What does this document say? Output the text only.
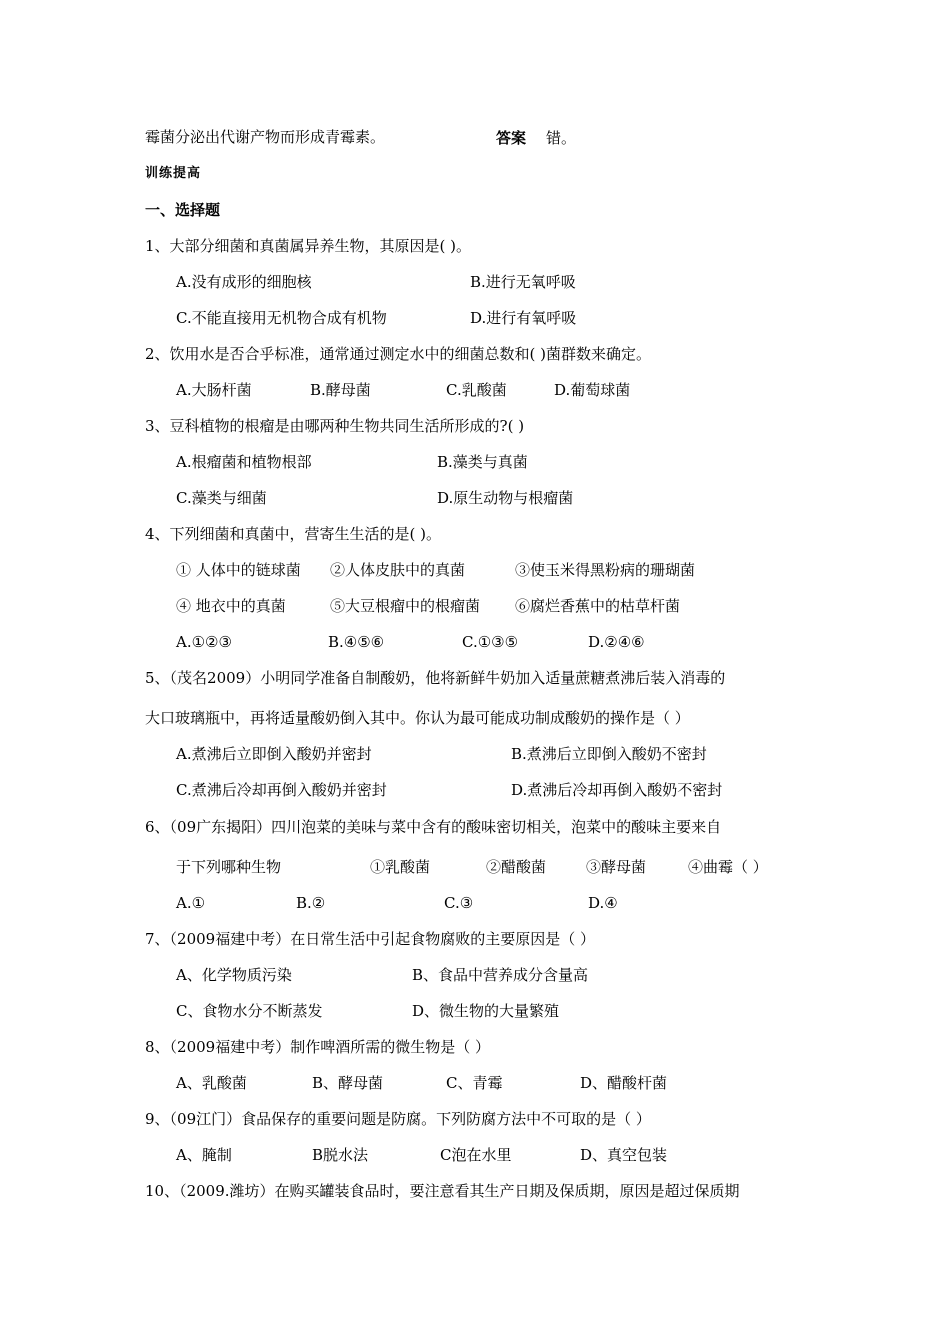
霉菌分泌出代谢产物而形成青霉素。	答案 错。
训练提高
一、选择题
1、大部分细菌和真菌属异养生物，其原因是( )。
A.没有成形的细胞核	B.进行无氧呼吸
C.不能直接用无机物合成有机物	D.进行有氧呼吸
2、饮用水是否合乎标准，通常通过测定水中的细菌总数和( )菌群数来确定。
A.大肠杆菌	B.酵母菌	C.乳酸菌	D.葡萄球菌
3、豆科植物的根瘤是由哪两种生物共同生活所形成的?( )
A.根瘤菌和植物根部	B.藻类与真菌
C.藻类与细菌	D.原生动物与根瘤菌
4、下列细菌和真菌中，营寄生生活的是( )。
① 人体中的链球菌 ②人体皮肤中的真菌	③使玉米得黑粉病的珊瑚菌
④ 地衣中的真菌	⑤大豆根瘤中的根瘤菌 ⑥腐烂香蕉中的枯草杆菌
A.①②③	B.④⑤⑥	C.①③⑤	D.②④⑥
5、（茂名2009）小明同学准备自制酸奶，他将新鲜牛奶加入适量蔗糖煮沸后装入消毒的
大口玻璃瓶中，再将适量酸奶倒入其中。你认为最可能成功制成酸奶的操作是（ ）
A.煮沸后立即倒入酸奶并密封	B.煮沸后立即倒入酸奶不密封
C.煮沸后冷却再倒入酸奶并密封	D.煮沸后冷却再倒入酸奶不密封
6、（09广东揭阳）四川泡菜的美味与菜中含有的酸味密切相关，泡菜中的酸味主要来自
于下列哪种生物	①乳酸菌	②醋酸菌	③酵母菌	④曲霉（ ）
A.①	B.②	C.③	D.④
7、（2009福建中考）在日常生活中引起食物腐败的主要原因是（ ）
A、化学物质污染	B、食品中营养成分含量高
C、食物水分不断蒸发	D、微生物的大量繁殖
8、（2009福建中考）制作啤酒所需的微生物是（ ）
A、乳酸菌	B、酵母菌	C、青霉	D、醋酸杆菌
9、（09江门）食品保存的重要问题是防腐。下列防腐方法中不可取的是（ ）
A、腌制	B脱水法	C泡在水里	D、真空包装
10、（2009.潍坊）在购买罐装食品时，要注意看其生产日期及保质期，原因是超过保质期
